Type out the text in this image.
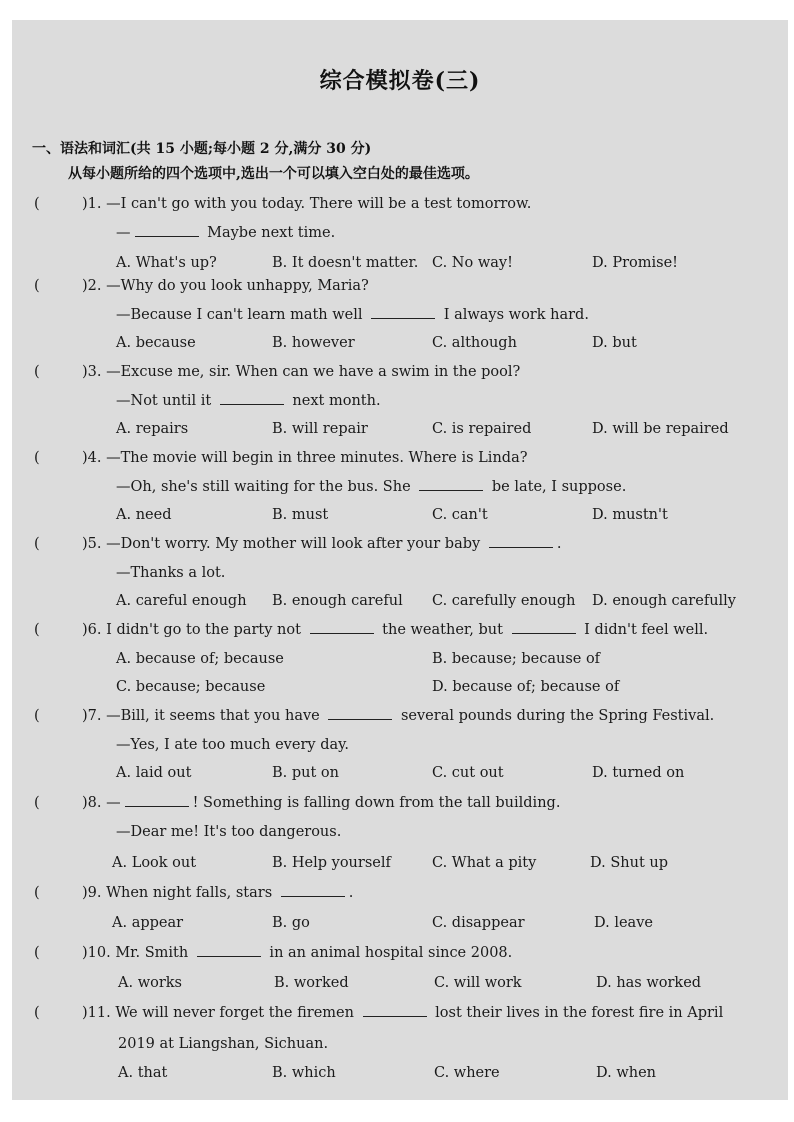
综合模拟卷(三)
一、语法和词汇(共 15 小题;每小题 2 分,满分 30 分)
从每小题所给的四个选项中,选出一个可以填入空白处的最佳选项。
(	)1. —I can't go with you today. There will be a test tomorrow.
—	Maybe next time.
A. What's up?	B. It doesn't matter. C. No way!	D. Promise!
(	)2. —Why do you look unhappy, Maria?
—Because I can't learn math well	I always work hard.
A. because	B. however	C. although	D. but
(	)3. —Excuse me, sir. When can we have a swim in the pool?
—Not until it	next month.
A. repairs	B. will repair	C. is repaired	D. will be repaired
(	)4. —The movie will begin in three minutes. Where is Linda?
—Oh, she's still waiting for the bus. She	be late, I suppose.
A. need	B. must	C. can't	D. mustn't
(	)5. —Don't worry. My mother will look after your baby	.
—Thanks a lot.
A. careful enough B. enough careful C. carefully enough D. enough carefully
(	)6. I didn't go to the party not	the weather, but	I didn't feel well.
A. because of; because	B. because; because of
C. because; because	D. because of; because of
(	)7. —Bill, it seems that you have	several pounds during the Spring Festival.
—Yes, I ate too much every day.
A. laid out	B. put on	C. cut out	D. turned on
(	)8. —	! Something is falling down from the tall building.
—Dear me! It's too dangerous.
A. Look out	B. Help yourself	C. What a pity	D. Shut up
(	)9. When night falls, stars	.
A. appear	B. go	C. disappear	D. leave
(	)10. Mr. Smith	in an animal hospital since 2008.
A. works	B. worked	C. will work	D. has worked
(	)11. We will never forget the firemen	lost their lives in the forest fire in April
2019 at Liangshan, Sichuan.
A. that	B. which	C. where	D. when
